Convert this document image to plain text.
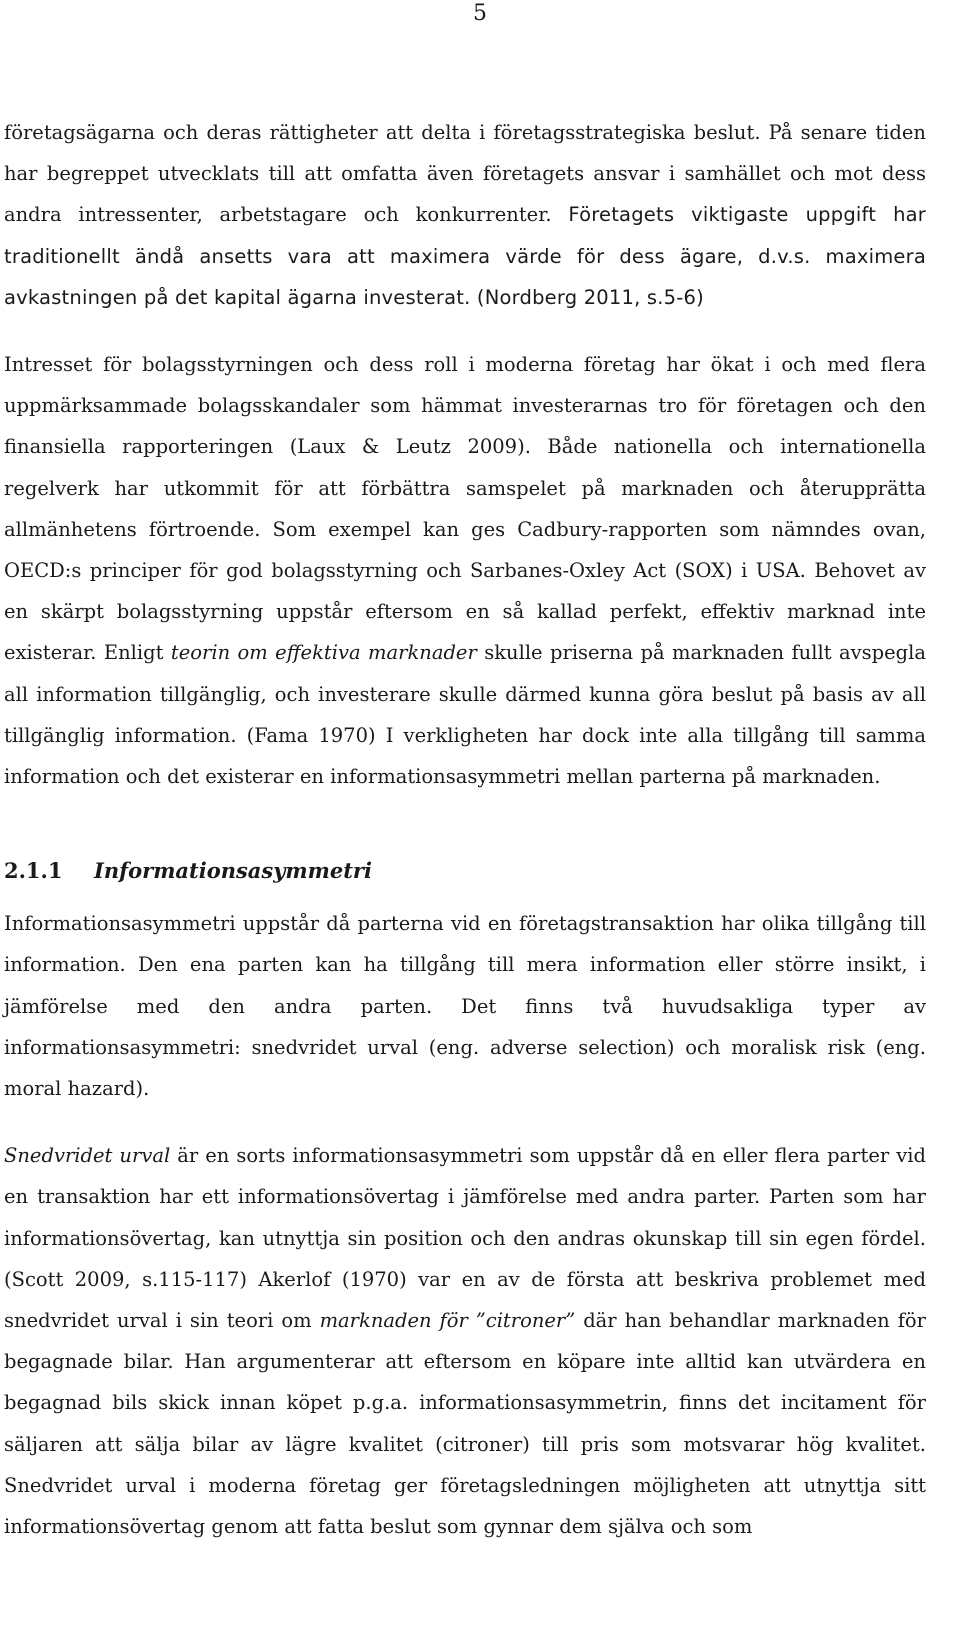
5

företagsägarna och deras rättigheter att delta i företagsstrategiska beslut. På senare tiden har begreppet utvecklats till att omfatta även företagets ansvar i samhället och mot dess andra intressenter, arbetstagare och konkurrenter. Företagets viktigaste uppgift har traditionellt ändå ansetts vara att maximera värde för dess ägare, d.v.s. maximera avkastningen på det kapital ägarna investerat. (Nordberg 2011, s.5-6)

Intresset för bolagsstyrningen och dess roll i moderna företag har ökat i och med flera uppmärksammade bolagsskandaler som hämmat investerarnas tro för företagen och den finansiella rapporteringen (Laux & Leutz 2009). Både nationella och internationella regelverk har utkommit för att förbättra samspelet på marknaden och återupprätta allmänhetens förtroende. Som exempel kan ges Cadbury-rapporten som nämndes ovan, OECD:s principer för god bolagsstyrning och Sarbanes-Oxley Act (SOX) i USA. Behovet av en skärpt bolagsstyrning uppstår eftersom en så kallad perfekt, effektiv marknad inte existerar. Enligt teorin om effektiva marknader skulle priserna på marknaden fullt avspegla all information tillgänglig, och investerare skulle därmed kunna göra beslut på basis av all tillgänglig information. (Fama 1970) I verkligheten har dock inte alla tillgång till samma information och det existerar en informationsasymmetri mellan parterna på marknaden.

2.1.1 Informationsasymmetri

Informationsasymmetri uppstår då parterna vid en företagstransaktion har olika tillgång till information. Den ena parten kan ha tillgång till mera information eller större insikt, i jämförelse med den andra parten. Det finns två huvudsakliga typer av informationsasymmetri: snedvridet urval (eng. adverse selection) och moralisk risk (eng. moral hazard).

Snedvridet urval är en sorts informationsasymmetri som uppstår då en eller flera parter vid en transaktion har ett informationsövertag i jämförelse med andra parter. Parten som har informationsövertag, kan utnyttja sin position och den andras okunskap till sin egen fördel. (Scott 2009, s.115-117) Akerlof (1970) var en av de första att beskriva problemet med snedvridet urval i sin teori om marknaden för ”citroner” där han behandlar marknaden för begagnade bilar. Han argumenterar att eftersom en köpare inte alltid kan utvärdera en begagnad bils skick innan köpet p.g.a. informationsasymmetrin, finns det incitament för säljaren att sälja bilar av lägre kvalitet (citroner) till pris som motsvarar hög kvalitet. Snedvridet urval i moderna företag ger företagsledningen möjligheten att utnyttja sitt informationsövertag genom att fatta beslut som gynnar dem själva och som
